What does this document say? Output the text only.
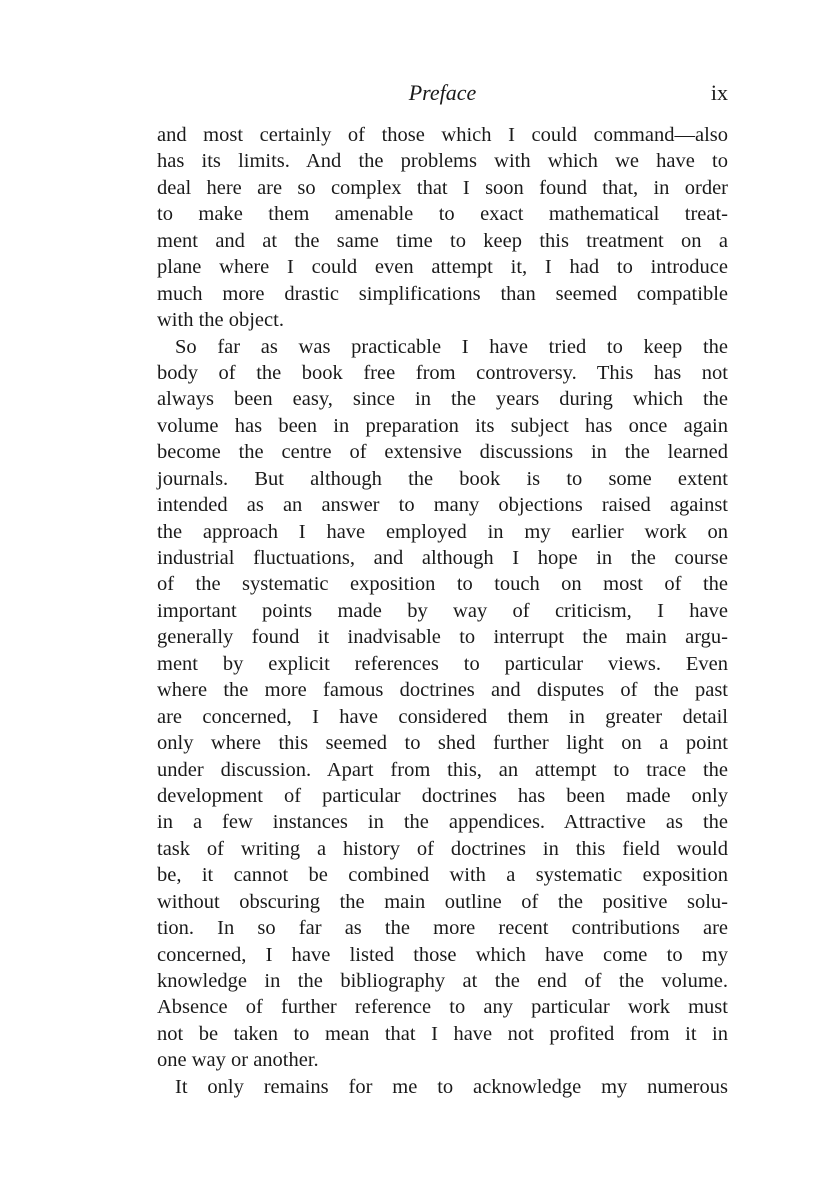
Preface	ix
and most certainly of those which I could command—also
has its limits. And the problems with which we have to
deal here are so complex that I soon found that, in order
to make them amenable to exact mathematical treat-
ment and at the same time to keep this treatment on a
plane where I could even attempt it, I had to introduce
much more drastic simplifications than seemed compatible
with the object.
So far as was practicable I have tried to keep the
body of the book free from controversy. This has not
always been easy, since in the years during which the
volume has been in preparation its subject has once again
become the centre of extensive discussions in the learned
journals. But although the book is to some extent
intended as an answer to many objections raised against
the approach I have employed in my earlier work on
industrial fluctuations, and although I hope in the course
of the systematic exposition to touch on most of the
important points made by way of criticism, I have
generally found it inadvisable to interrupt the main argu-
ment by explicit references to particular views. Even
where the more famous doctrines and disputes of the past
are concerned, I have considered them in greater detail
only where this seemed to shed further light on a point
under discussion. Apart from this, an attempt to trace the
development of particular doctrines has been made only
in a few instances in the appendices. Attractive as the
task of writing a history of doctrines in this field would
be, it cannot be combined with a systematic exposition
without obscuring the main outline of the positive solu-
tion. In so far as the more recent contributions are
concerned, I have listed those which have come to my
knowledge in the bibliography at the end of the volume.
Absence of further reference to any particular work must
not be taken to mean that I have not profited from it in
one way or another.
It only remains for me to acknowledge my numerous
